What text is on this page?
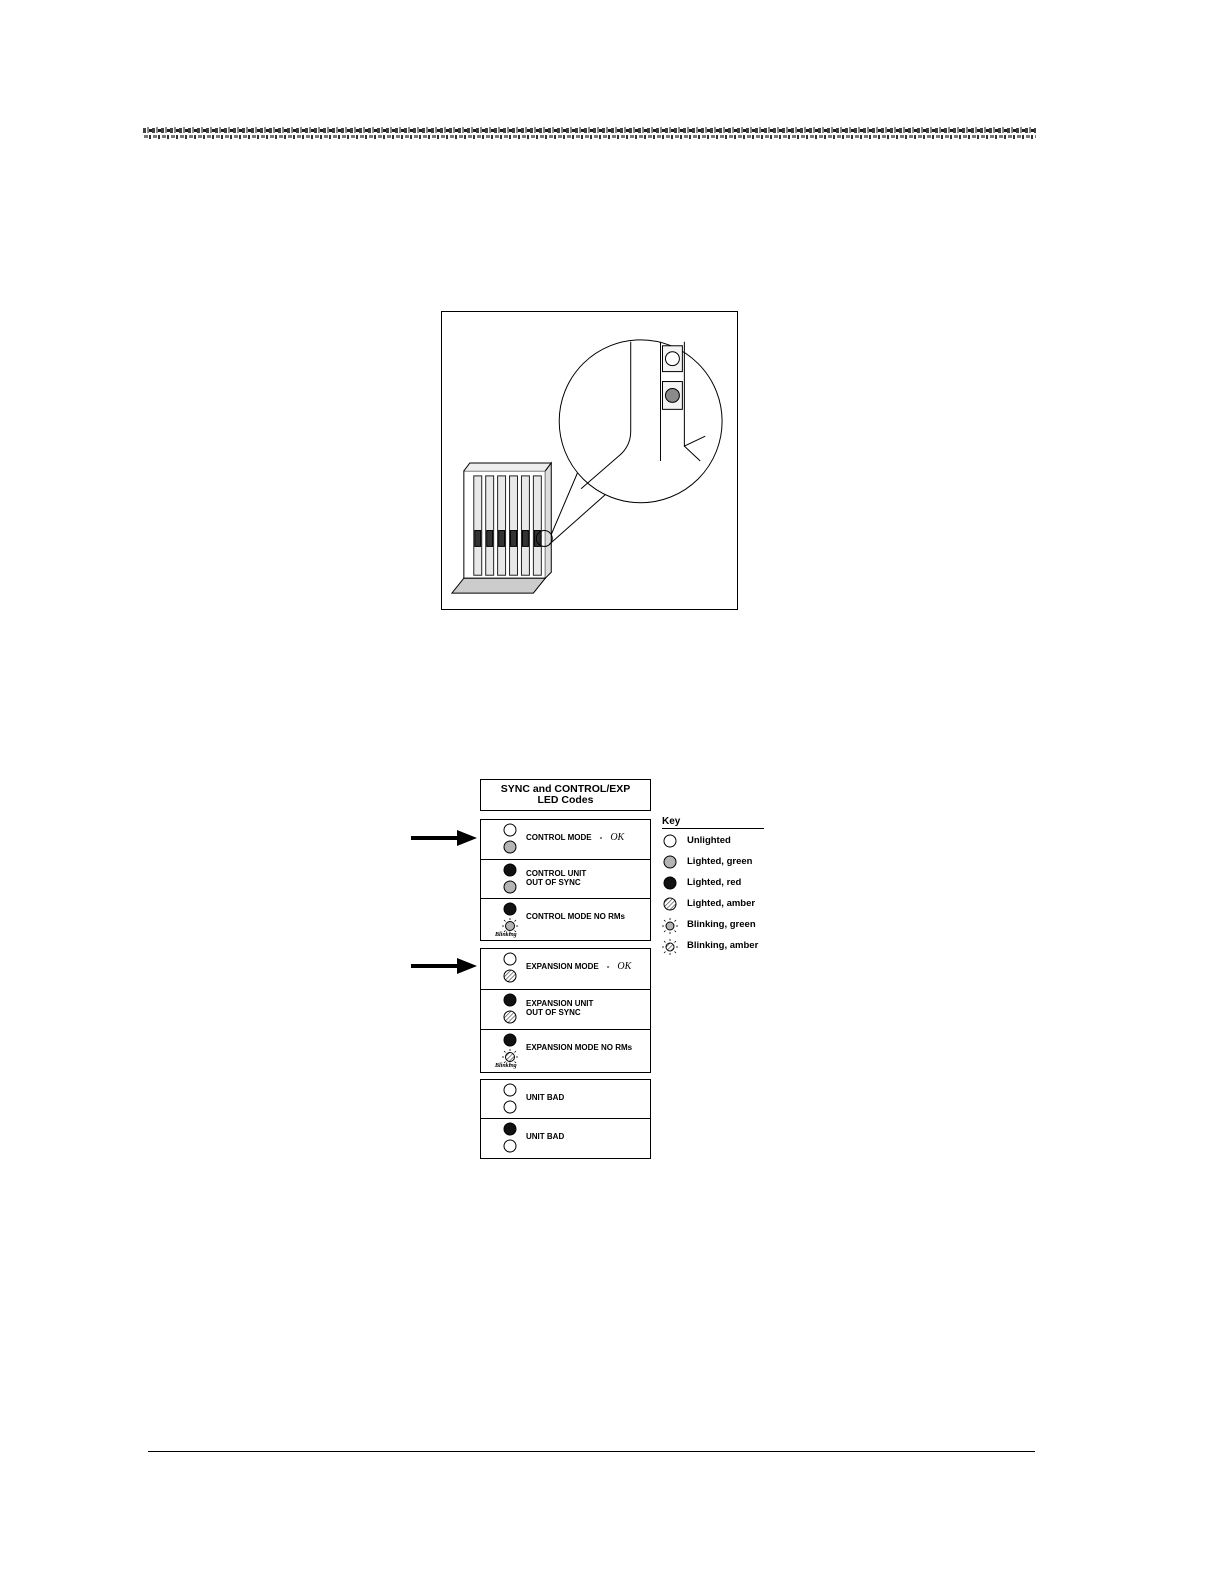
SYNC and CONTROL/EXP
LED Codes
CONTROL MODE - OK
CONTROL UNIT
OUT OF SYNC
Blinking
CONTROL MODE NO RMs
EXPANSION MODE - OK
EXPANSION UNIT
OUT OF SYNC
Blinking
EXPANSION MODE NO RMs
UNIT BAD
UNIT BAD
Key
Unlighted
Lighted, green
Lighted, red
Lighted, amber
Blinking, green
Blinking, amber
